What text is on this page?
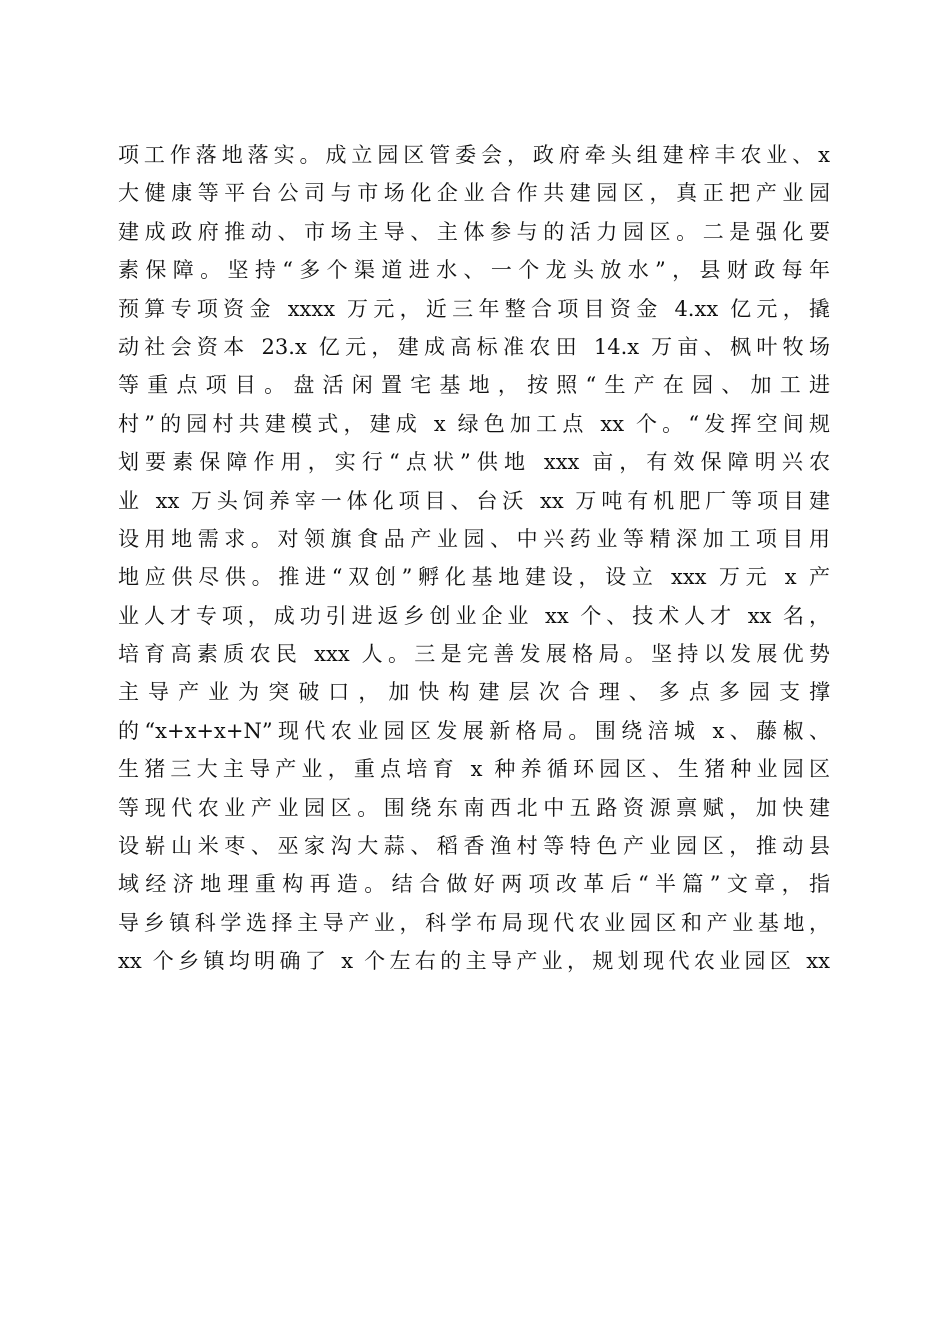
项工作落地落实。成立园区管委会，政府牵头组建梓丰农业、x
大健康等平台公司与市场化企业合作共建园区，真正把产业园
建成政府推动、市场主导、主体参与的活力园区。二是强化要
素保障。坚持“多个渠道进水、一个龙头放水”，县财政每年
预算专项资金 xxxx 万元，近三年整合项目资金 4.xx 亿元，撬
动社会资本 23.x 亿元，建成高标准农田 14.x 万亩、枫叶牧场
等重点项目。盘活闲置宅基地，按照“生产在园、加工进
村”的园村共建模式，建成 x 绿色加工点 xx 个。“发挥空间规
划要素保障作用，实行“点状”供地 xxx 亩，有效保障明兴农
业 xx 万头饲养宰一体化项目、台沃 xx 万吨有机肥厂等项目建
设用地需求。对领旗食品产业园、中兴药业等精深加工项目用
地应供尽供。推进“双创”孵化基地建设，设立 xxx 万元 x 产
业人才专项，成功引进返乡创业企业 xx 个、技术人才 xx 名，
培育高素质农民 xxx 人。三是完善发展格局。坚持以发展优势
主导产业为突破口，加快构建层次合理、多点多园支撑
的“x+x+x+N”现代农业园区发展新格局。围绕涪城 x、藤椒、
生猪三大主导产业，重点培育 x 种养循环园区、生猪种业园区
等现代农业产业园区。围绕东南西北中五路资源禀赋，加快建
设崭山米枣、巫家沟大蒜、稻香渔村等特色产业园区，推动县
域经济地理重构再造。结合做好两项改革后“半篇”文章，指
导乡镇科学选择主导产业，科学布局现代农业园区和产业基地，
xx 个乡镇均明确了 x 个左右的主导产业，规划现代农业园区 xx
